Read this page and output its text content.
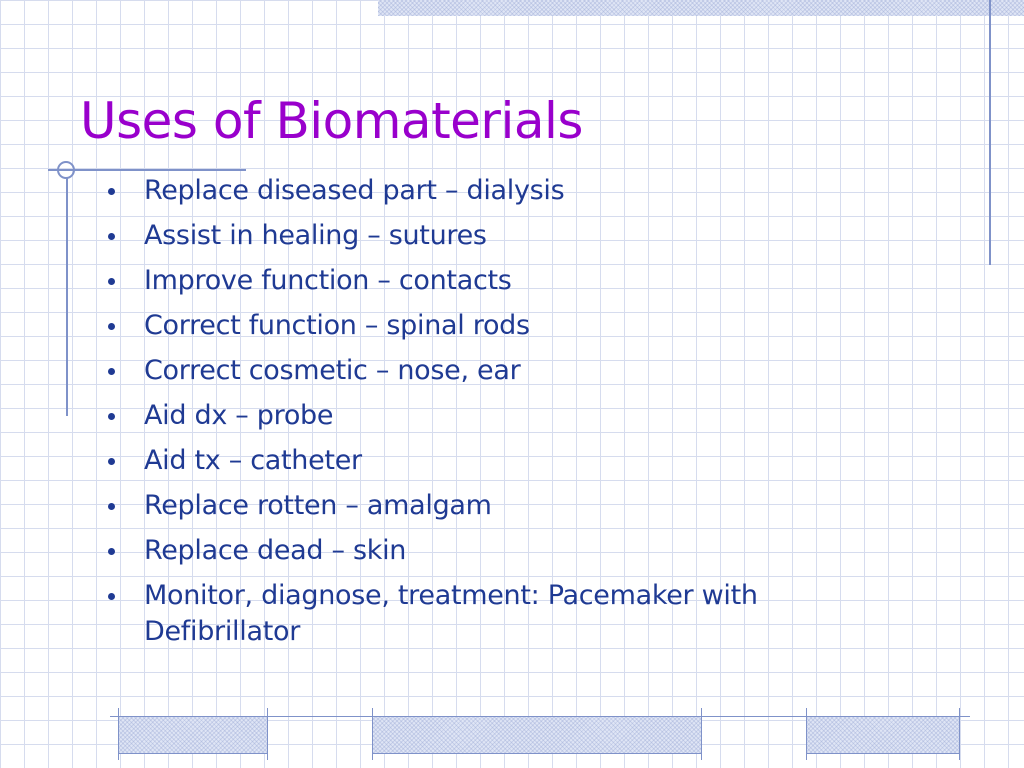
Uses of Biomaterials
Replace diseased part – dialysis
Assist in healing – sutures
Improve function – contacts
Correct function – spinal rods
Correct cosmetic – nose, ear
Aid dx – probe
Aid tx – catheter
Replace rotten – amalgam
Replace dead – skin
Monitor, diagnose, treatment: Pacemaker with Defibrillator
